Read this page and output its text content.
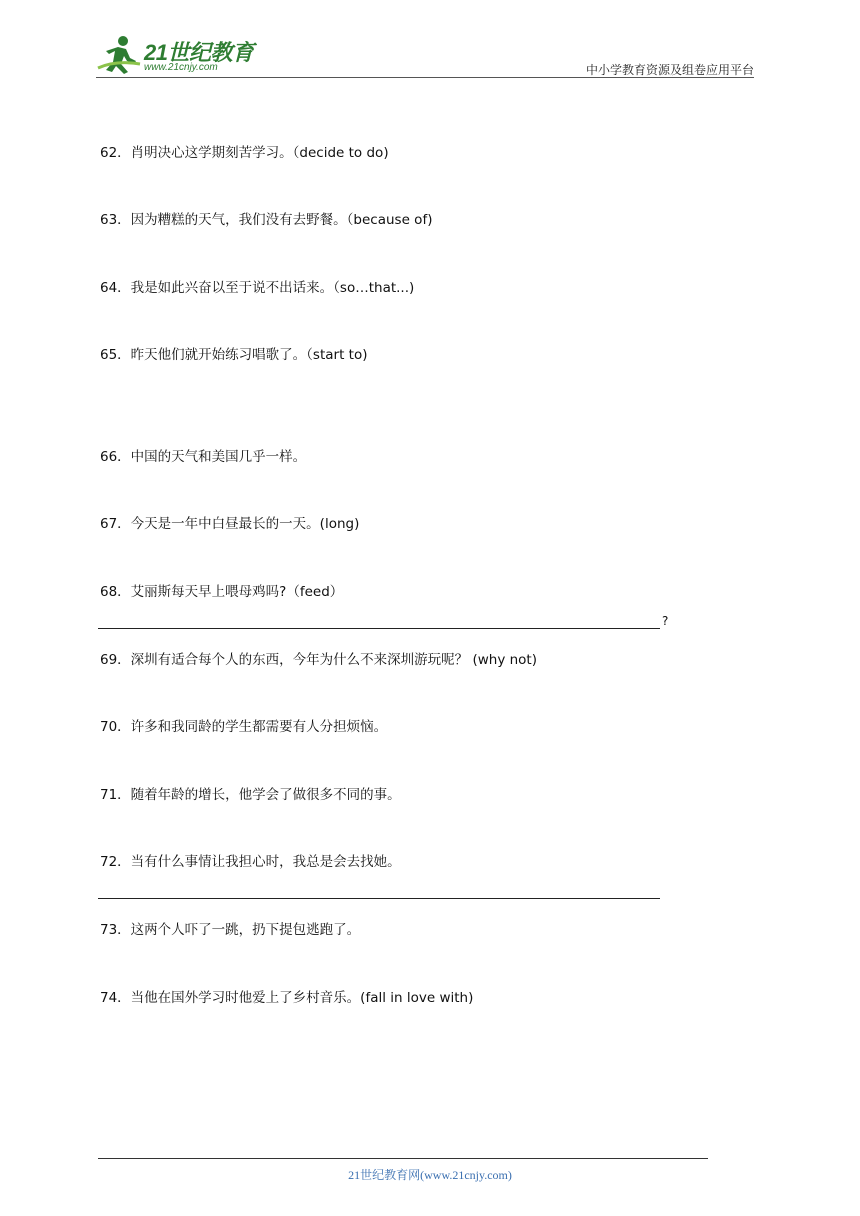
21世纪教育
www.21cnjy.com	中小学教育资源及组卷应用平台
62．肖明决心这学期刻苦学习。（decide to do)
63．因为糟糕的天气，我们没有去野餐。（because of)
64．我是如此兴奋以至于说不出话来。（so…that...)
65．昨天他们就开始练习唱歌了。（start to)
66．中国的天气和美国几乎一样。
67．今天是一年中白昼最长的一天。(long)
68．艾丽斯每天早上喂母鸡吗?（feed）
?
69．深圳有适合每个人的东西，今年为什么不来深圳游玩呢？ (why not)
70．许多和我同龄的学生都需要有人分担烦恼。
71．随着年龄的增长，他学会了做很多不同的事。
72．当有什么事情让我担心时，我总是会去找她。
73．这两个人吓了一跳，扔下提包逃跑了。
74．当他在国外学习时他爱上了乡村音乐。(fall in love with)
21世纪教育网(www.21cnjy.com)
